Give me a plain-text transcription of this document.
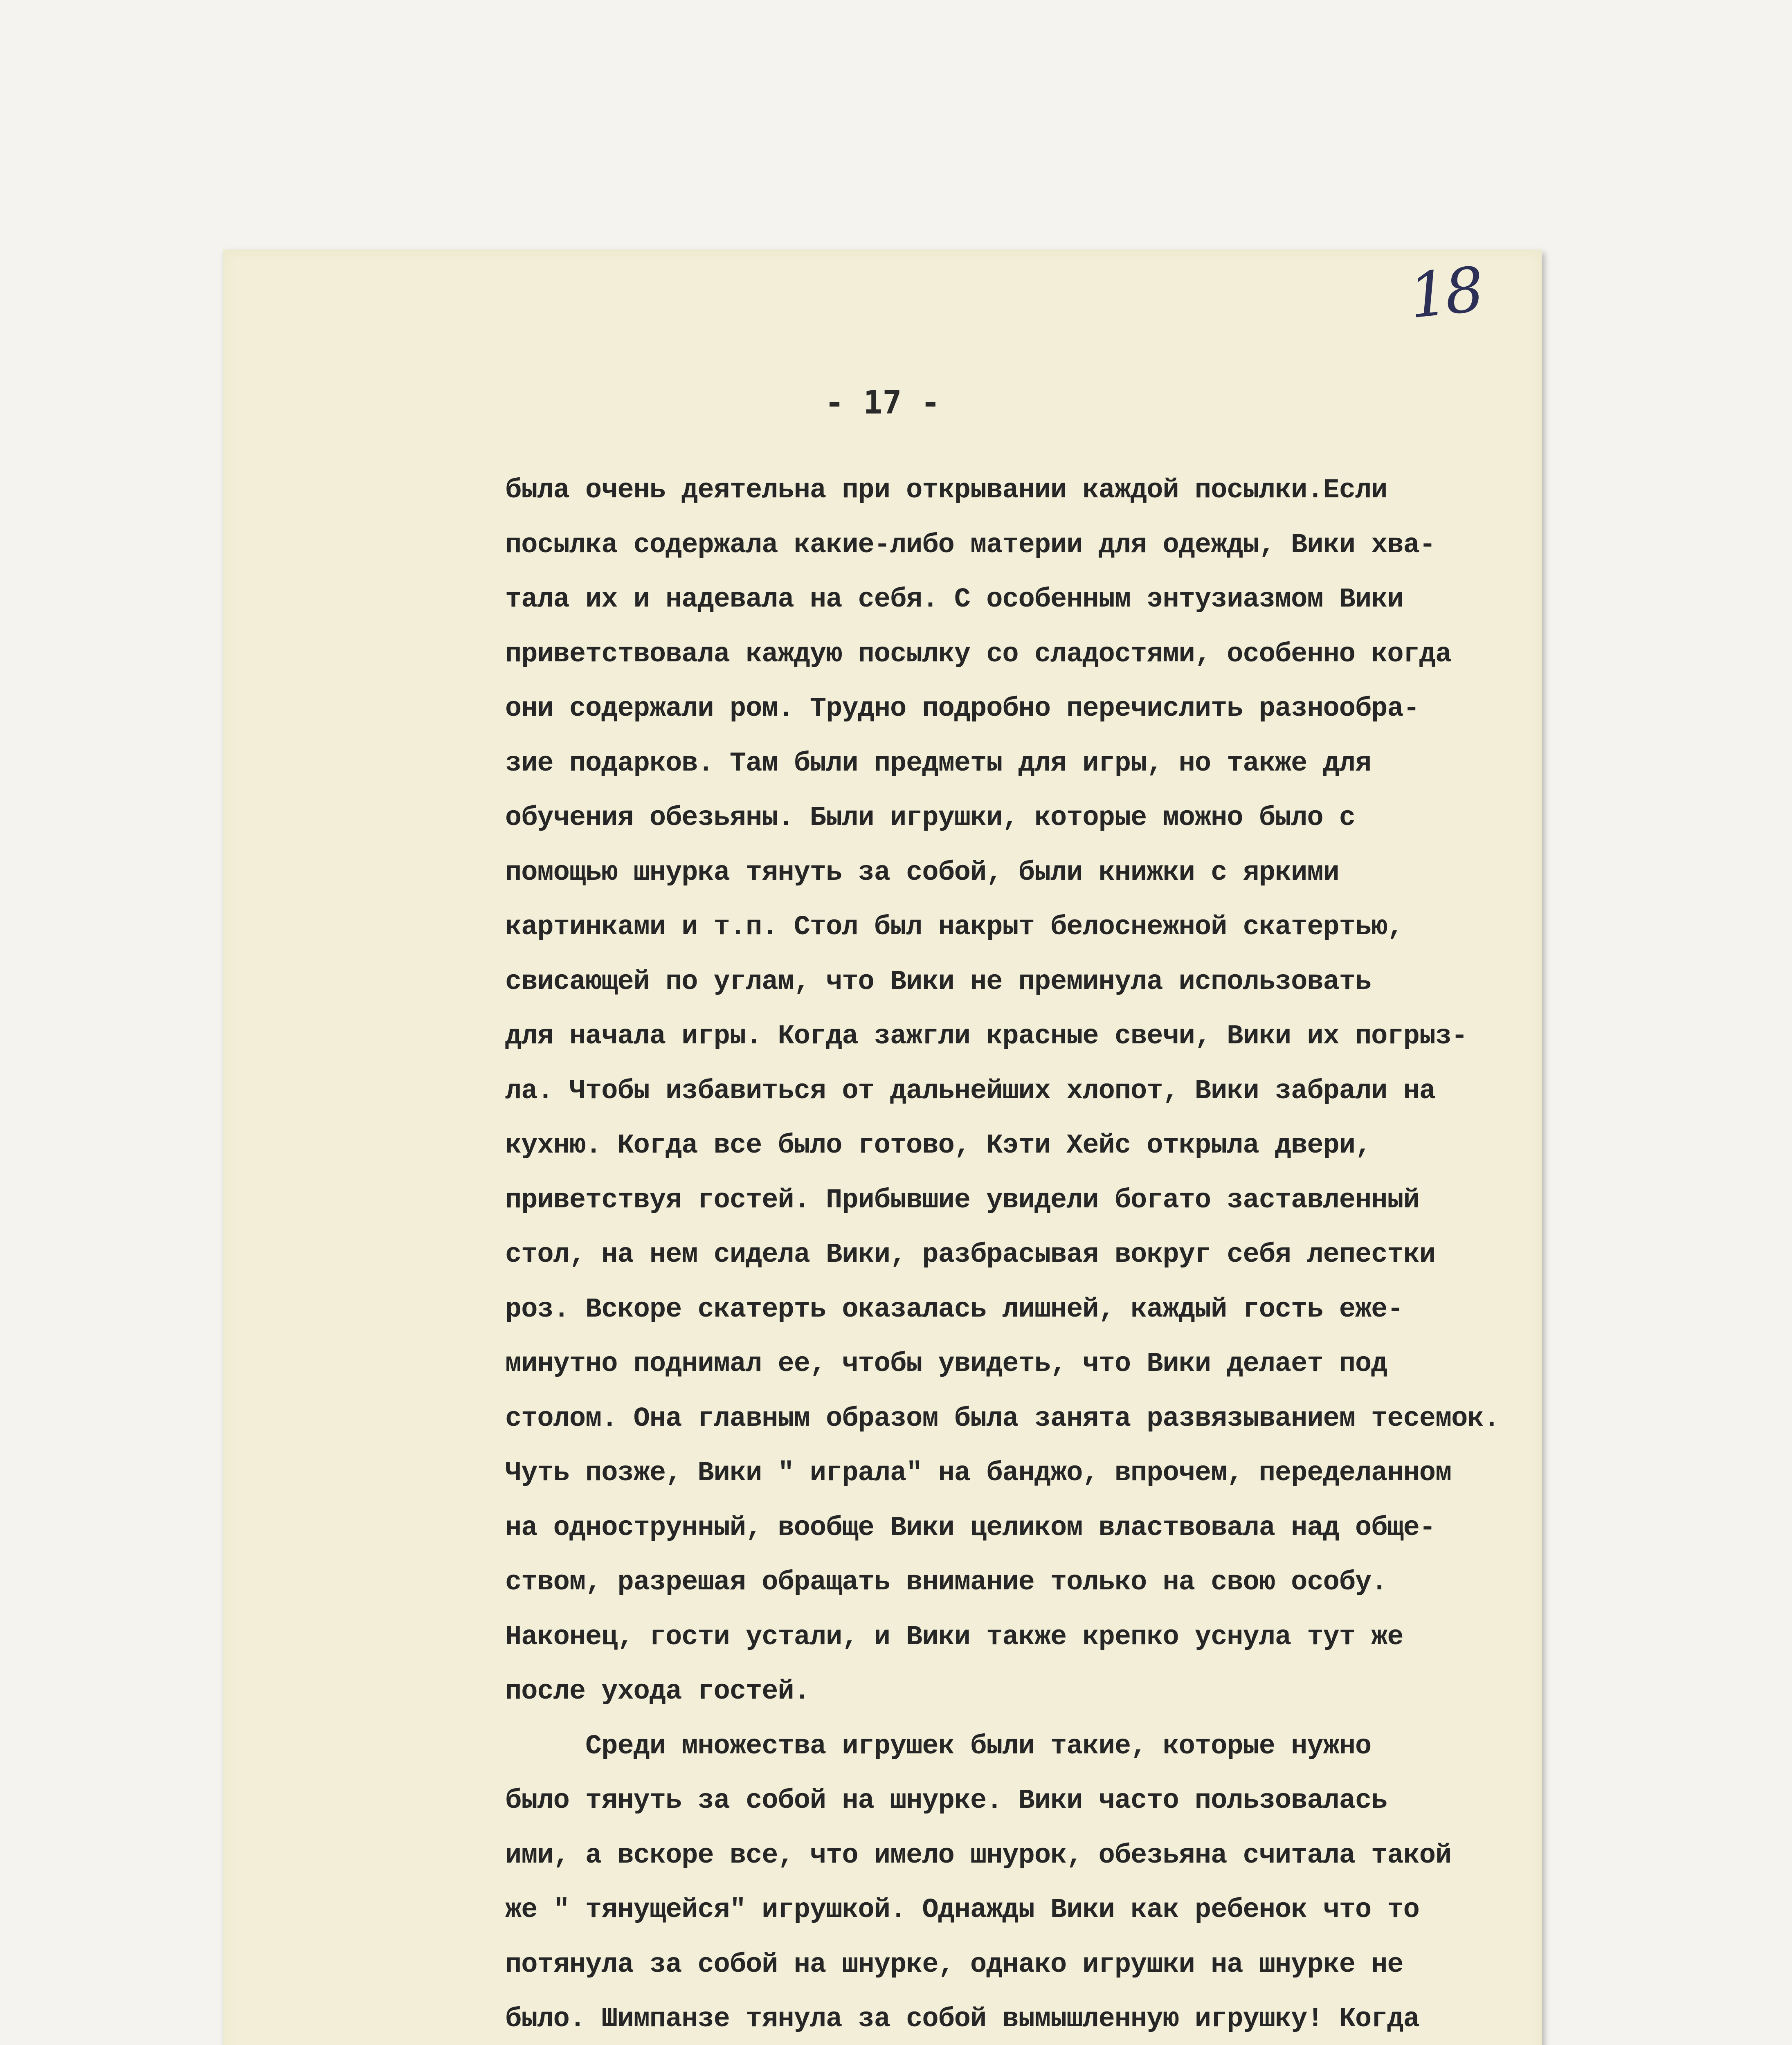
18
- 17 -
была очень деятельна при открывании каждой посылки.Если
посылка содержала какие-либо материи для одежды, Вики хва-
тала их и надевала на себя. С особенным энтузиазмом Вики
приветствовала каждую посылку со сладостями, особенно когда
они содержали ром. Трудно подробно перечислить разнообра-
зие подарков. Там были предметы для игры, но также для
обучения обезьяны. Были игрушки, которые можно было с
помощью шнурка тянуть за собой, были книжки с яркими
картинками и т.п. Стол был накрыт белоснежной скатертью,
свисающей по углам, что Вики не преминула использовать
для начала игры. Когда зажгли красные свечи, Вики их погрыз-
ла. Чтобы избавиться от дальнейших хлопот, Вики забрали на
кухню. Когда все было готово, Кэти Хейс открыла двери,
приветствуя гостей. Прибывшие увидели богато заставленный
стол, на нем сидела Вики, разбрасывая вокруг себя лепестки
роз. Вскоре скатерть оказалась лишней, каждый гость еже-
минутно поднимал ее, чтобы увидеть, что Вики делает под
столом. Она главным образом была занята развязыванием тесемок.
Чуть позже, Вики " играла" на банджо, впрочем, переделанном
на однострунный, вообще Вики целиком властвовала над обще-
ством, разрешая обращать внимание только на свою особу.
Наконец, гости устали, и Вики также крепко уснула тут же
после ухода гостей.
Среди множества игрушек были такие, которые нужно
было тянуть за собой на шнурке. Вики часто пользовалась
ими, а вскоре все, что имело шнурок, обезьяна считала такой
же " тянущейся" игрушкой. Однажды Вики как ребенок что то
потянула за собой на шнурке, однако игрушки на шнурке не
было. Шимпанзе тянула за собой вымышленную игрушку! Когда
